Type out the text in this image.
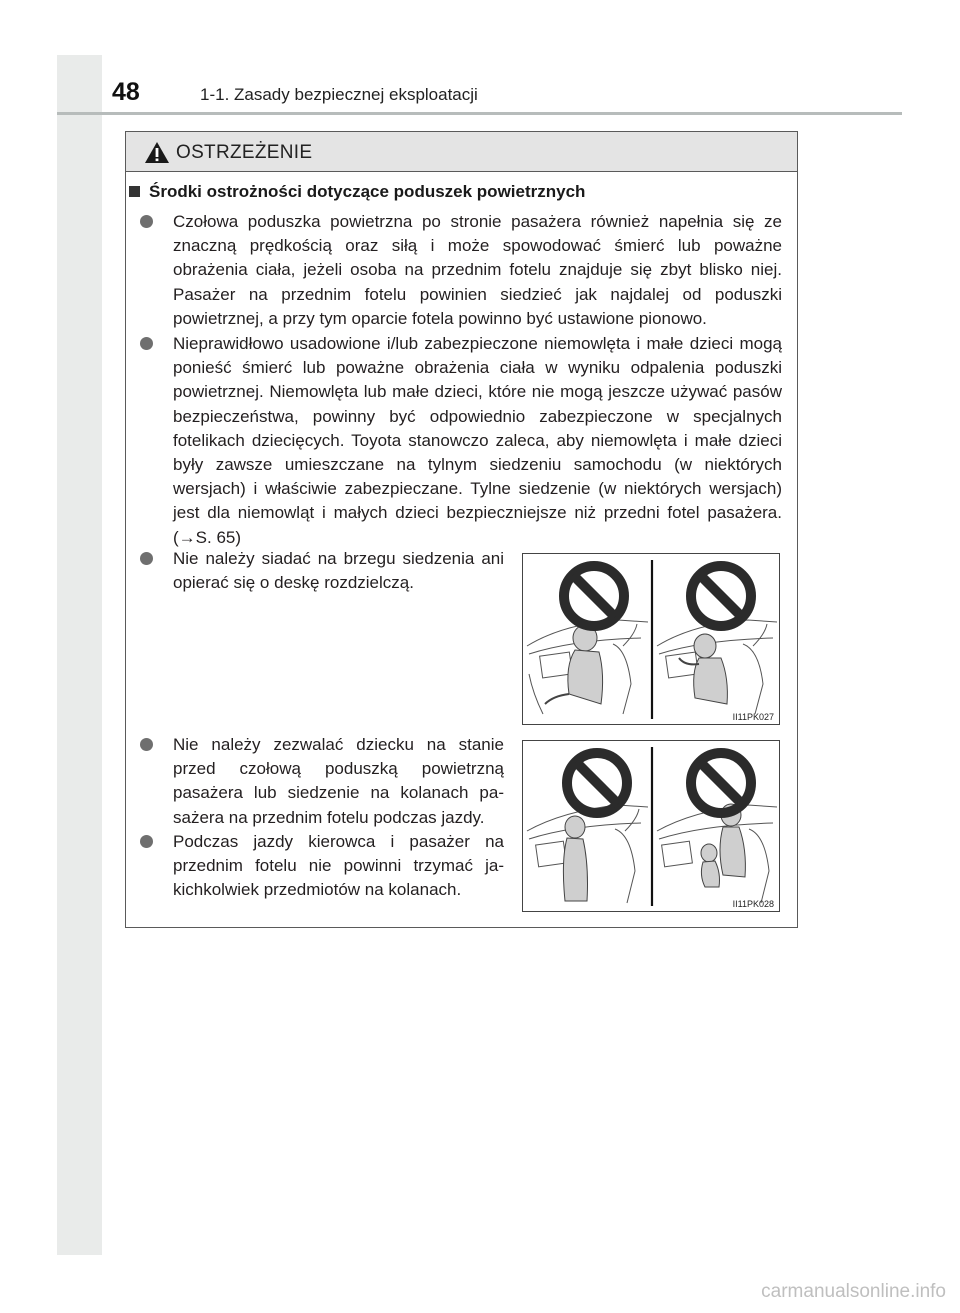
48	1-1. Zasady bezpiecznej eksploatacji
OSTRZEŻENIE
Środki ostrożności dotyczące poduszek powietrznych
Czołowa poduszka powietrzna po stronie pasażera również napełnia się ze znaczną prędkością oraz siłą i może spowodować śmierć lub poważne obrażenia ciała, jeżeli osoba na przednim fotelu znajduje się zbyt blisko niej. Pasażer na przednim fotelu powinien siedzieć jak najdalej od poduszki powietrznej, a przy tym oparcie fotela powinno być ustawione pionowo.
Nieprawidłowo usadowione i/lub zabezpieczone niemowlęta i małe dzieci mogą ponieść śmierć lub poważne obrażenia ciała w wyniku odpalenia poduszki powietrznej. Niemowlęta lub małe dzieci, które nie mogą jeszcze używać pasów bezpieczeństwa, powinny być odpowiednio zabezpieczone w specjalnych fotelikach dziecięcych. Toyota stanowczo zaleca, aby niemowlęta i małe dzieci były zawsze umieszczane na tylnym siedzeniu samochodu (w niektórych wersjach) i właściwie zabezpieczane. Tylne siedzenie (w niektórych wersjach) jest dla niemowląt i małych dzieci bezpieczniejsze niż przedni fotel pasażera. (→S. 65)
Nie należy siadać na brzegu siedzenia ani opierać się o deskę rozdzielczą.
Nie należy zezwalać dziecku na stanie przed czołową poduszką powietrzną pasażera lub siedzenie na kolanach pasażera na przednim fotelu podczas jazdy.
Podczas jazdy kierowca i pasażer na przednim fotelu nie powinni trzymać jakichkolwiek przedmiotów na kolanach.
II11PK027
II11PK028
carmanualsonline.info
